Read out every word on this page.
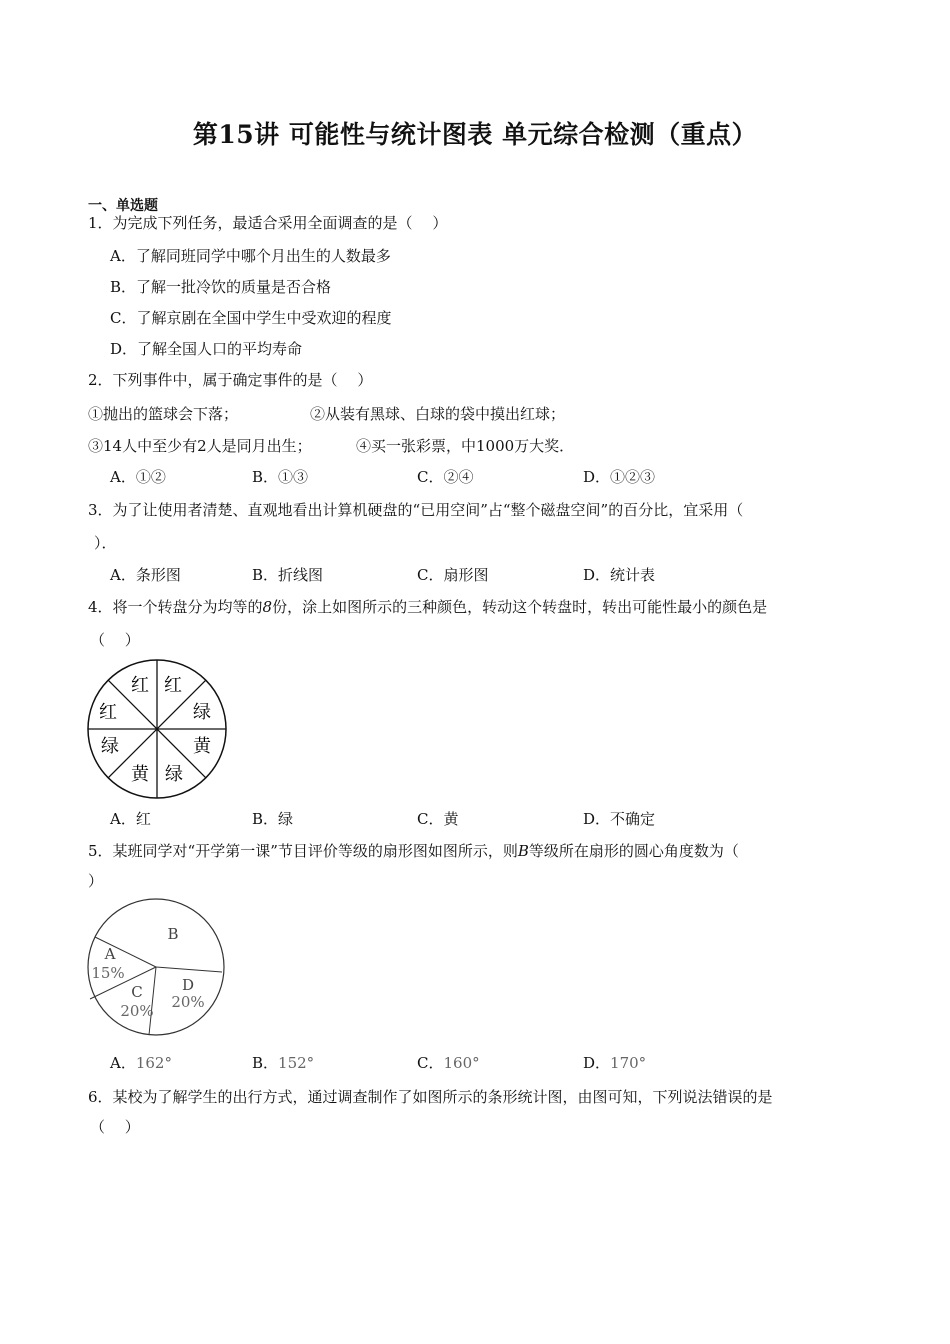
第15讲 可能性与统计图表 单元综合检测（重点）
一、单选题
1．为完成下列任务，最适合采用全面调查的是（　 ）
A．了解同班同学中哪个月出生的人数最多
B．了解一批冷饮的质量是否合格
C．了解京剧在全国中学生中受欢迎的程度
D．了解全国人口的平均寿命
2．下列事件中，属于确定事件的是（　 ）
①抛出的篮球会下落；	②从装有黑球、白球的袋中摸出红球；
③14人中至少有2人是同月出生；	④买一张彩票，中1000万大奖．
A．①②	B．①③	C．②④	D．①②③
3．为了让使用者清楚、直观地看出计算机硬盘的“已用空间”占“整个磁盘空间”的百分比，宜采用（
）．
A．条形图	B．折线图	C．扇形图	D．统计表
4．将一个转盘分为均等的8份，涂上如图所示的三种颜色，转动这个转盘时，转出可能性最小的颜色是
（　 ）
红 红
绿
黄
绿
黄
绿
红
A．红	B．绿	C．黄	D．不确定
5．某班同学对“开学第一课”节目评价等级的扇形图如图所示，则B等级所在扇形的圆心角度数为（
）
B
A
15%
C
20%
D
20%
A．162°	B．152°	C．160°	D．170°
6．某校为了解学生的出行方式，通过调查制作了如图所示的条形统计图，由图可知，下列说法错误的是
（　 ）
